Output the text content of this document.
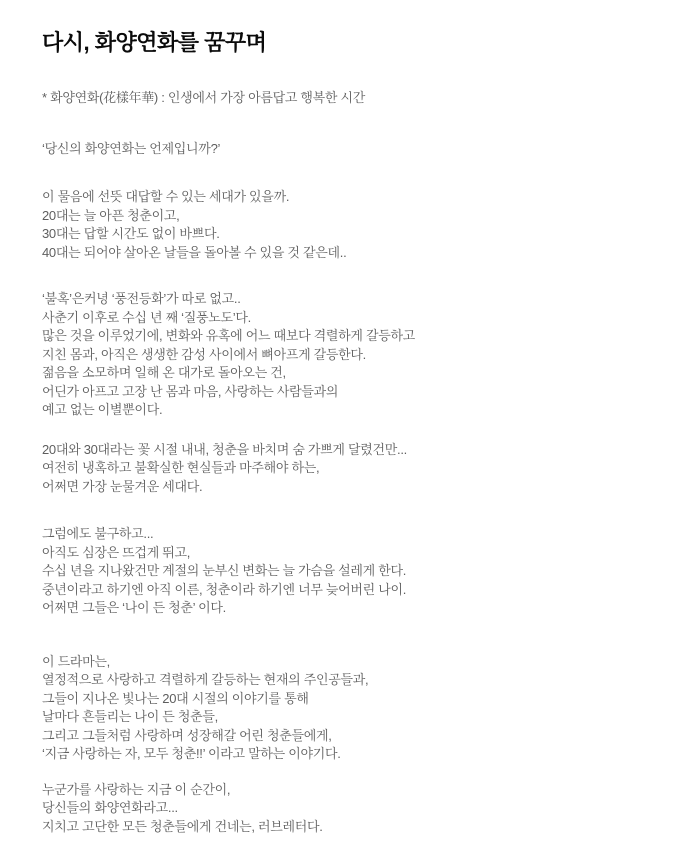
다시, 화양연화를 꿈꾸며
* 화양연화(花樣年華) : 인생에서 가장 아름답고 행복한 시간
‘당신의 화양연화는 언제입니까?’
이 물음에 선뜻 대답할 수 있는 세대가 있을까.
20대는 늘 아픈 청춘이고,
30대는 답할 시간도 없이 바쁘다.
40대는 되어야 살아온 날들을 돌아볼 수 있을 것 같은데..
‘불혹’은커녕 ‘풍전등화’가 따로 없고..
사춘기 이후로 수십 년 째 ‘질풍노도’다.
많은 것을 이루었기에, 변화와 유혹에 어느 때보다 격렬하게 갈등하고
지친 몸과, 아직은 생생한 감성 사이에서 뼈아프게 갈등한다.
젊음을 소모하며 일해 온 대가로 돌아오는 건,
어딘가 아프고 고장 난 몸과 마음, 사랑하는 사람들과의
예고 없는 이별뿐이다.
20대와 30대라는 꽃 시절 내내, 청춘을 바치며 숨 가쁘게 달렸건만...
여전히 냉혹하고 불확실한 현실들과 마주해야 하는,
어쩌면 가장 눈물겨운 세대다.
그럼에도 불구하고...
아직도 심장은 뜨겁게 뛰고,
수십 년을 지나왔건만 계절의 눈부신 변화는 늘 가슴을 설레게 한다.
중년이라고 하기엔 아직 이른, 청춘이라 하기엔 너무 늦어버린 나이.
어쩌면 그들은 ‘나이 든 청춘’ 이다.
이 드라마는,
열정적으로 사랑하고 격렬하게 갈등하는 현재의 주인공들과,
그들이 지나온 빛나는 20대 시절의 이야기를 통해
날마다 흔들리는 나이 든 청춘들,
그리고 그들처럼 사랑하며 성장해갈 어린 청춘들에게,
‘지금 사랑하는 자, 모두 청춘!!’ 이라고 말하는 이야기다.
누군가를 사랑하는 지금 이 순간이,
당신들의 화양연화라고...
지치고 고단한 모든 청춘들에게 건네는, 러브레터다.
